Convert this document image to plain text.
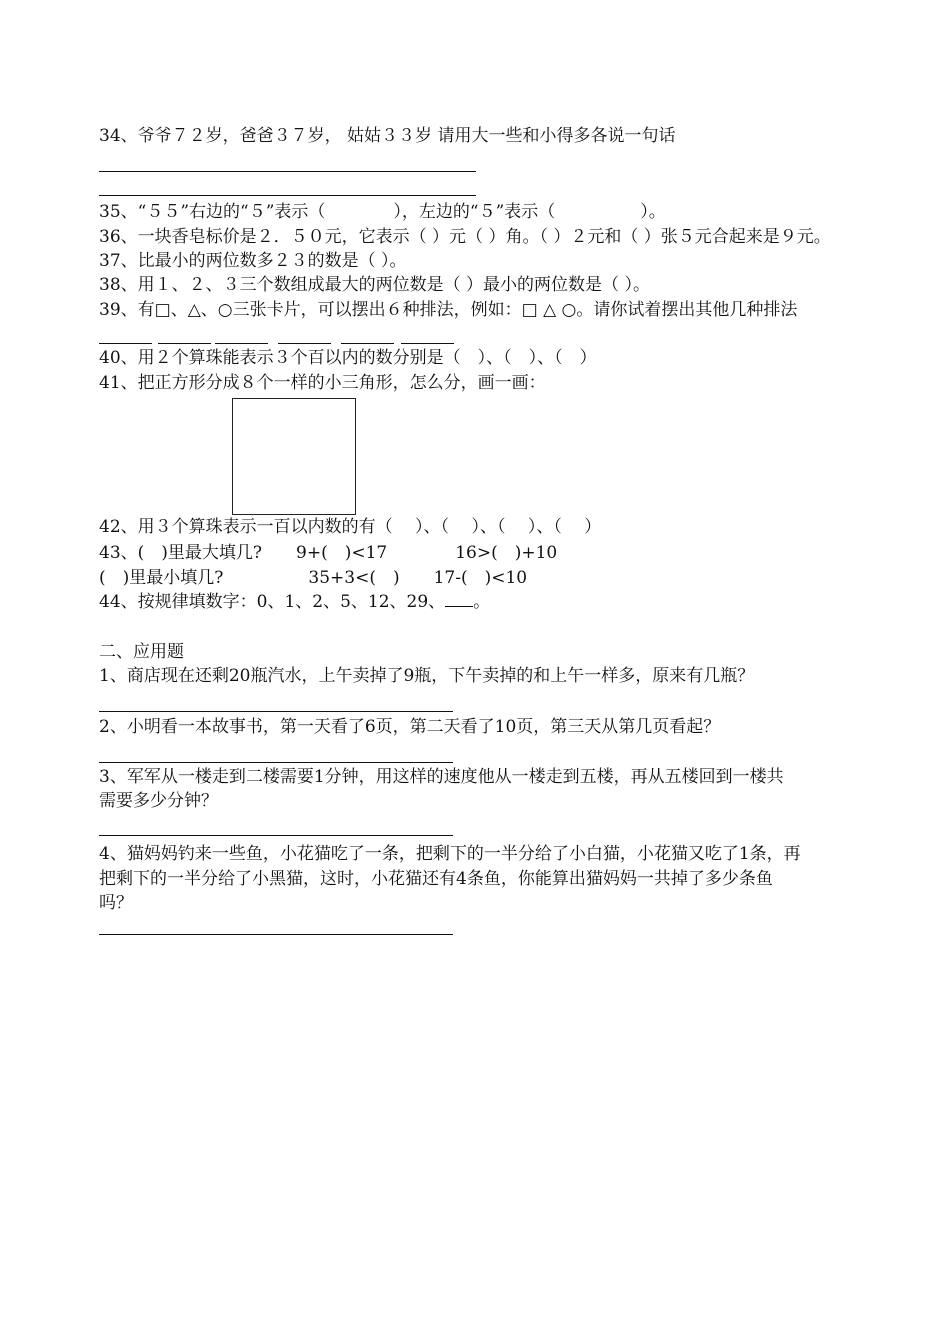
34、爷爷７２岁，爸爸３７岁， 姑姑３３岁 请用大一些和小得多各说一句话
35、“５５”右边的“５”表示（　　　　），左边的“５”表示（　　　　　）。
36、一块香皂标价是２．５０元，它表示（ ）元（ ）角。（ ）２元和（ ）张５元合起来是９元。
37、比最小的两位数多２３的数是（ ）。
38、用１、２、３三个数组成最大的两位数是（ ）最小的两位数是（ ）。
39、有□、△、○三张卡片，可以摆出６种排法，例如：□ △ ○。请你试着摆出其他几种排法
40、用２个算珠能表示３个百以内的数分别是（　）、（　）、（　）
41、把正方形分成８个一样的小三角形，怎么分，画一画：
42、用３个算珠表示一百以内数的有（　 ）、（　 ）、（　 ）、（　 ）
43、(　)里最大填几?　　9+(　)<17　　　　16>(　)+10
(　)里最小填几?　　　　　35+3<(　)　　17-(　)<10
44、按规律填数字：0、1、2、5、12、29、 。
二、应用题
1、商店现在还剩20瓶汽水，上午卖掉了9瓶，下午卖掉的和上午一样多，原来有几瓶？
2、小明看一本故事书，第一天看了6页，第二天看了10页，第三天从第几页看起？
3、军军从一楼走到二楼需要1分钟，用这样的速度他从一楼走到五楼，再从五楼回到一楼共
需要多少分钟？
4、猫妈妈钓来一些鱼，小花猫吃了一条，把剩下的一半分给了小白猫，小花猫又吃了1条，再
把剩下的一半分给了小黑猫，这时，小花猫还有4条鱼，你能算出猫妈妈一共掉了多少条鱼
吗？
